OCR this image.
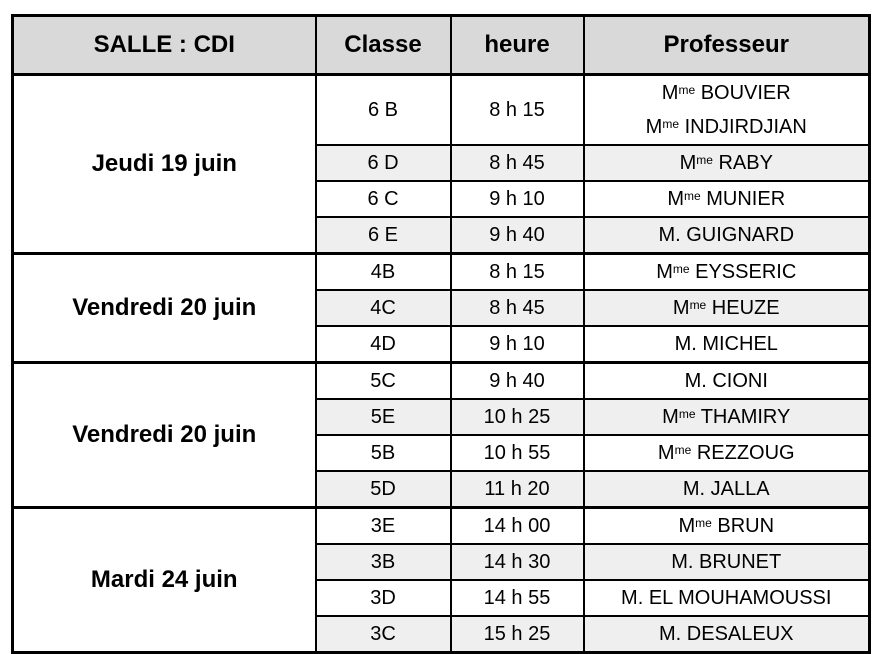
SALLE : CDI	Classe	heure	Professeur
Jeudi 19 juin	6 B	8 h 15	$M^{me}$ BOUVIER
$M^{me}$ INDJIRDJIAN

	6 D	8 h 45	$M^{me}$ RABY

	6 C	9 h 10	$M^{me}$ MUNIER

	6 E	9 h 40	M. GUIGNARD

Vendredi 20 juin	4B	8 h 15	$M^{me}$ EYSSERIC

	4C	8 h 45	$M^{me}$ HEUZE

	4D	9 h 10	M. MICHEL

Vendredi 20 juin	5C	9 h 40	M. CIONI

	5E	10 h 25	$M^{me}$ THAMIRY

	5B	10 h 55	$M^{me}$ REZZOUG

	5D	11 h 20	M. JALLA

Mardi 24 juin	3E	14 h 00	$M^{me}$ BRUN

	3B	14 h 30	M. BRUNET

	3D	14 h 55	M. EL MOUHAMOUSSI

	3C	15 h 25	M. DESALEUX
